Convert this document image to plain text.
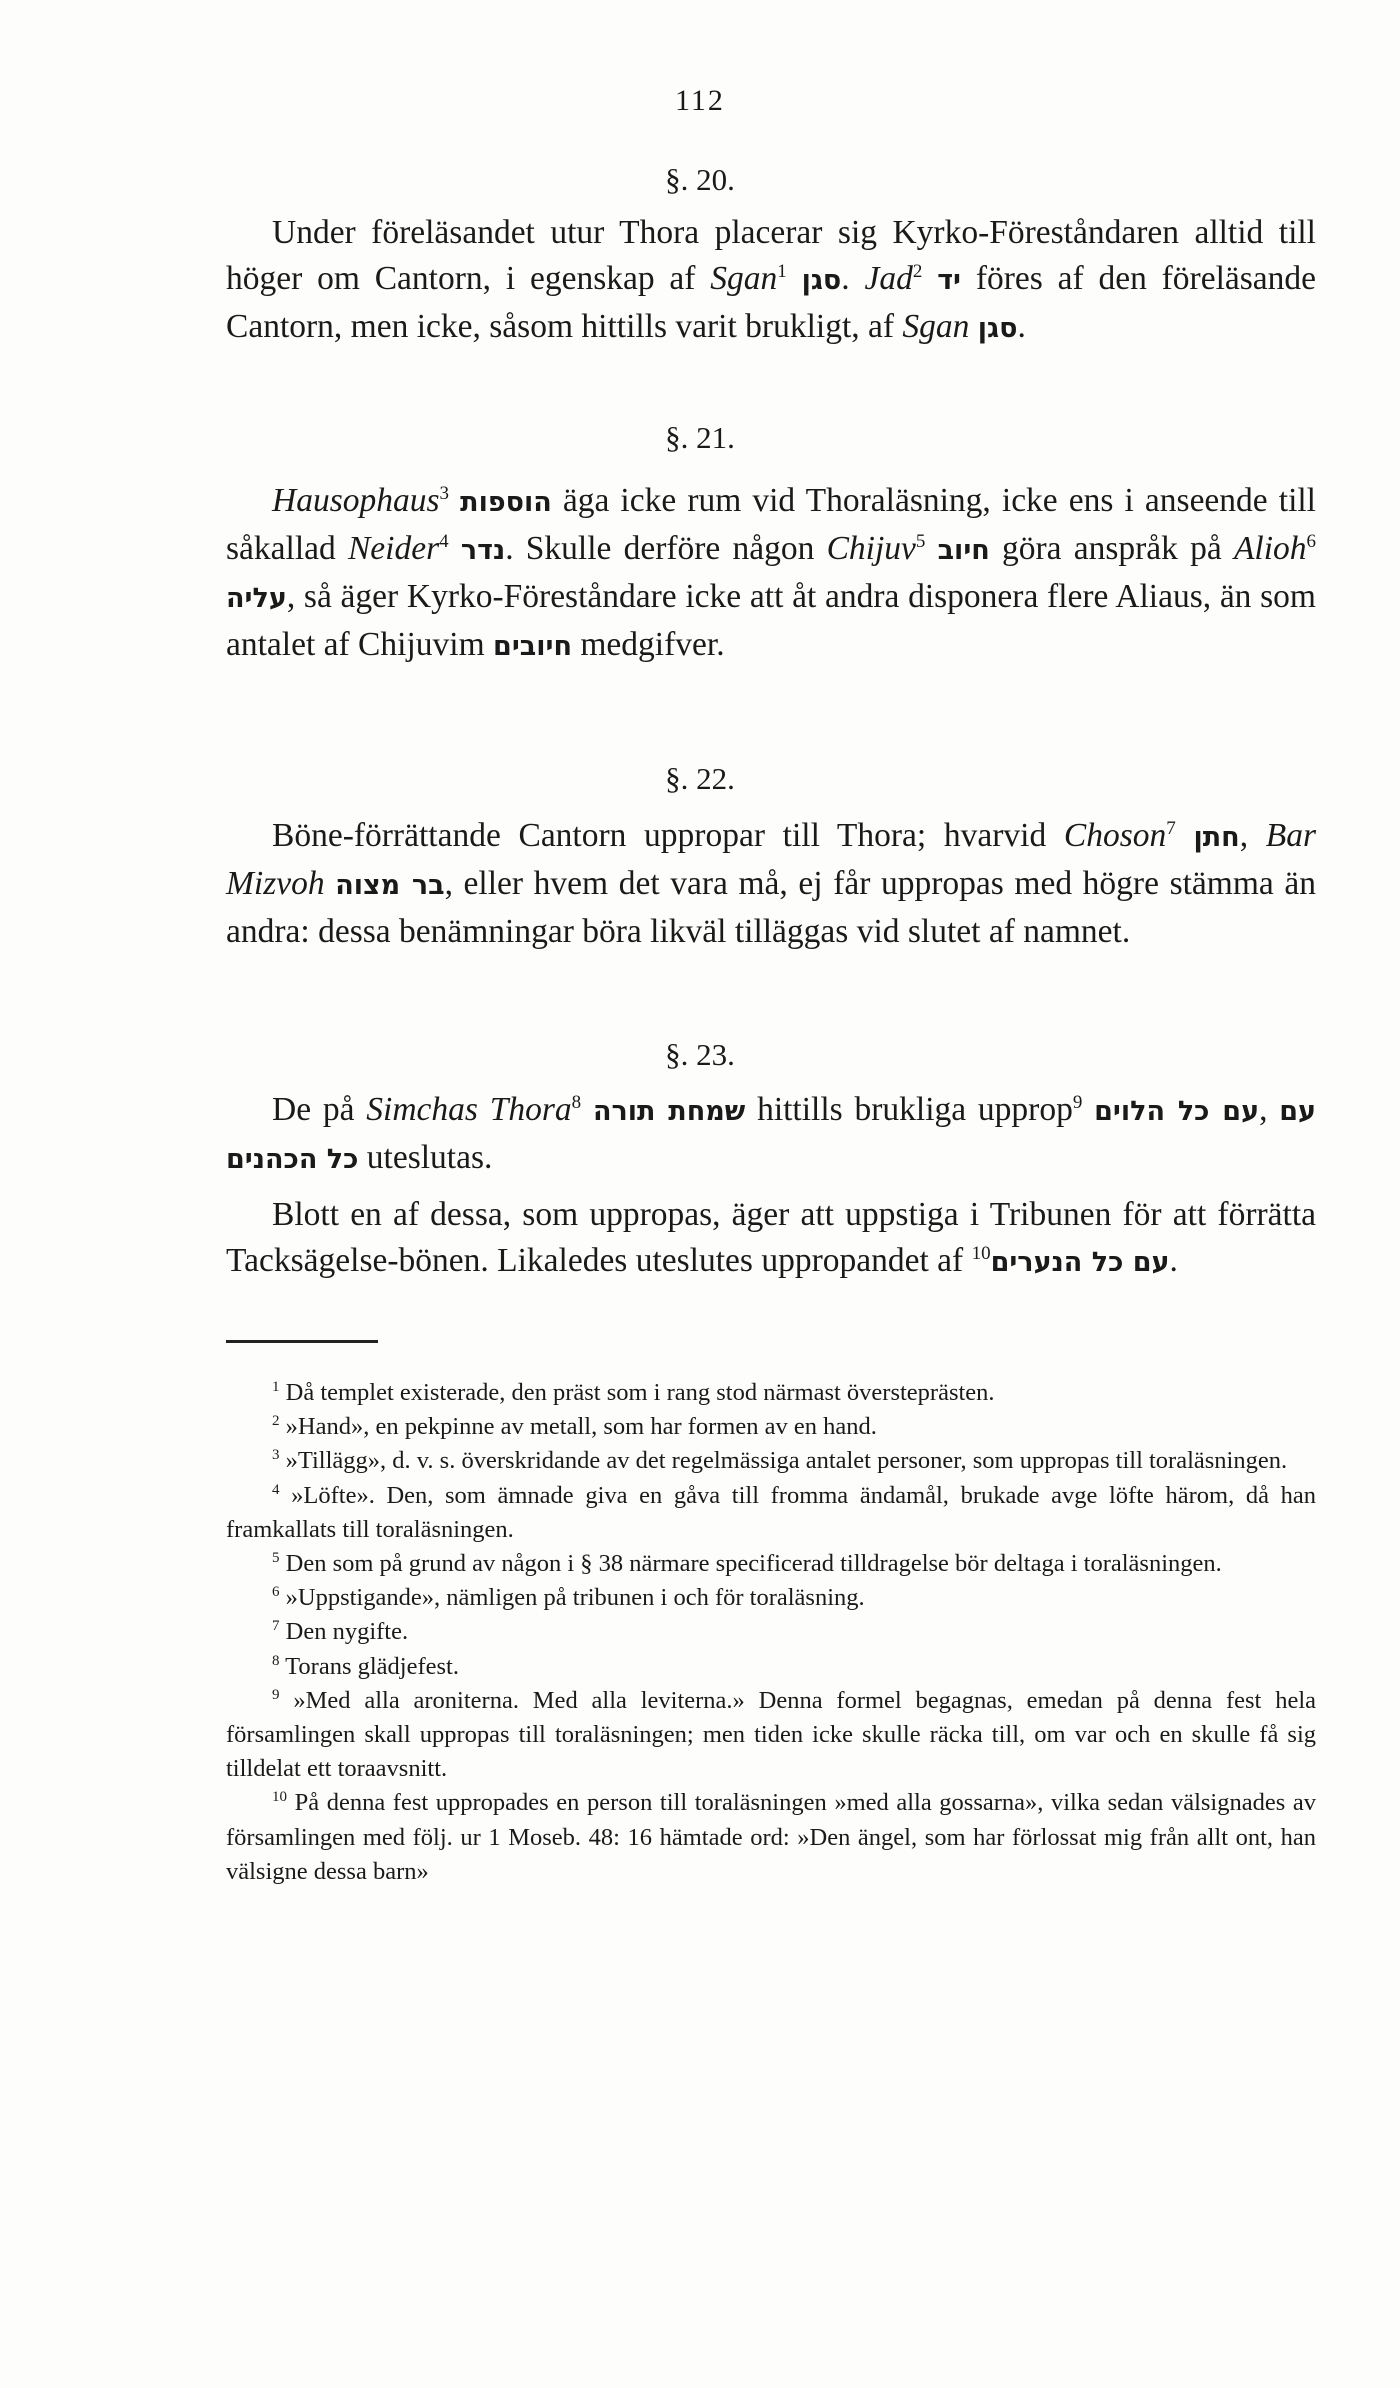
112
§. 20.
Under föreläsandet utur Thora placerar sig Kyrko-Föreståndaren alltid till höger om Cantorn, i egenskap af Sgan$^1$ סגן. Jad$^2$ יד föres af den föreläsande Cantorn, men icke, såsom hittills varit brukligt, af Sgan סגן.
§. 21.
Hausophaus$^3$ הוספות äga icke rum vid Thoraläsning, icke ens i anseende till såkallad Neider$^4$ נדר. Skulle derföre någon Chijuv$^5$ חיוב göra anspråk på Alioh$^6$ עליה, så äger Kyrko-Föreståndare icke att åt andra disponera flere Aliaus, än som antalet af Chijuvim חיובים medgifver.
§. 22.
Böne-förrättande Cantorn uppropar till Thora; hvarvid Choson$^7$ חתן, Bar Mizvoh בר מצוה, eller hvem det vara må, ej får uppropas med högre stämma än andra: dessa benämningar böra likväl tilläggas vid slutet af namnet.
§. 23.
De på Simchas Thora$^8$ שמחת תורה hittills brukliga upprop$^9$ עם כל הלוים, עם כל הכהנים uteslutas.
Blott en af dessa, som uppropas, äger att uppstiga i Tribunen för att förrätta Tacksägelse-bönen. Likaledes uteslutes uppropandet af $^{10}$עם כל הנערים.

$^1$ Då templet existerade, den präst som i rang stod närmast översteprästen.

$^2$ »Hand», en pekpinne av metall, som har formen av en hand.

$^3$ »Tillägg», d. v. s. överskridande av det regelmässiga antalet personer, som uppropas till toraläsningen.

$^4$ »Löfte». Den, som ämnade giva en gåva till fromma ändamål, brukade avge löfte härom, då han framkallats till toraläsningen.

$^5$ Den som på grund av någon i § 38 närmare specificerad tilldragelse bör deltaga i toraläsningen.

$^6$ »Uppstigande», nämligen på tribunen i och för toraläsning.

$^7$ Den nygifte.

$^8$ Torans glädjefest.

$^9$ »Med alla aroniterna. Med alla leviterna.» Denna formel begagnas, emedan på denna fest hela församlingen skall uppropas till toraläsningen; men tiden icke skulle räcka till, om var och en skulle få sig tilldelat ett toraavsnitt.

$^{10}$ På denna fest uppropades en person till toraläsningen »med alla gossarna», vilka sedan välsignades av församlingen med följ. ur 1 Moseb. 48: 16 hämtade ord: »Den ängel, som har förlossat mig från allt ont, han välsigne dessa barn»
